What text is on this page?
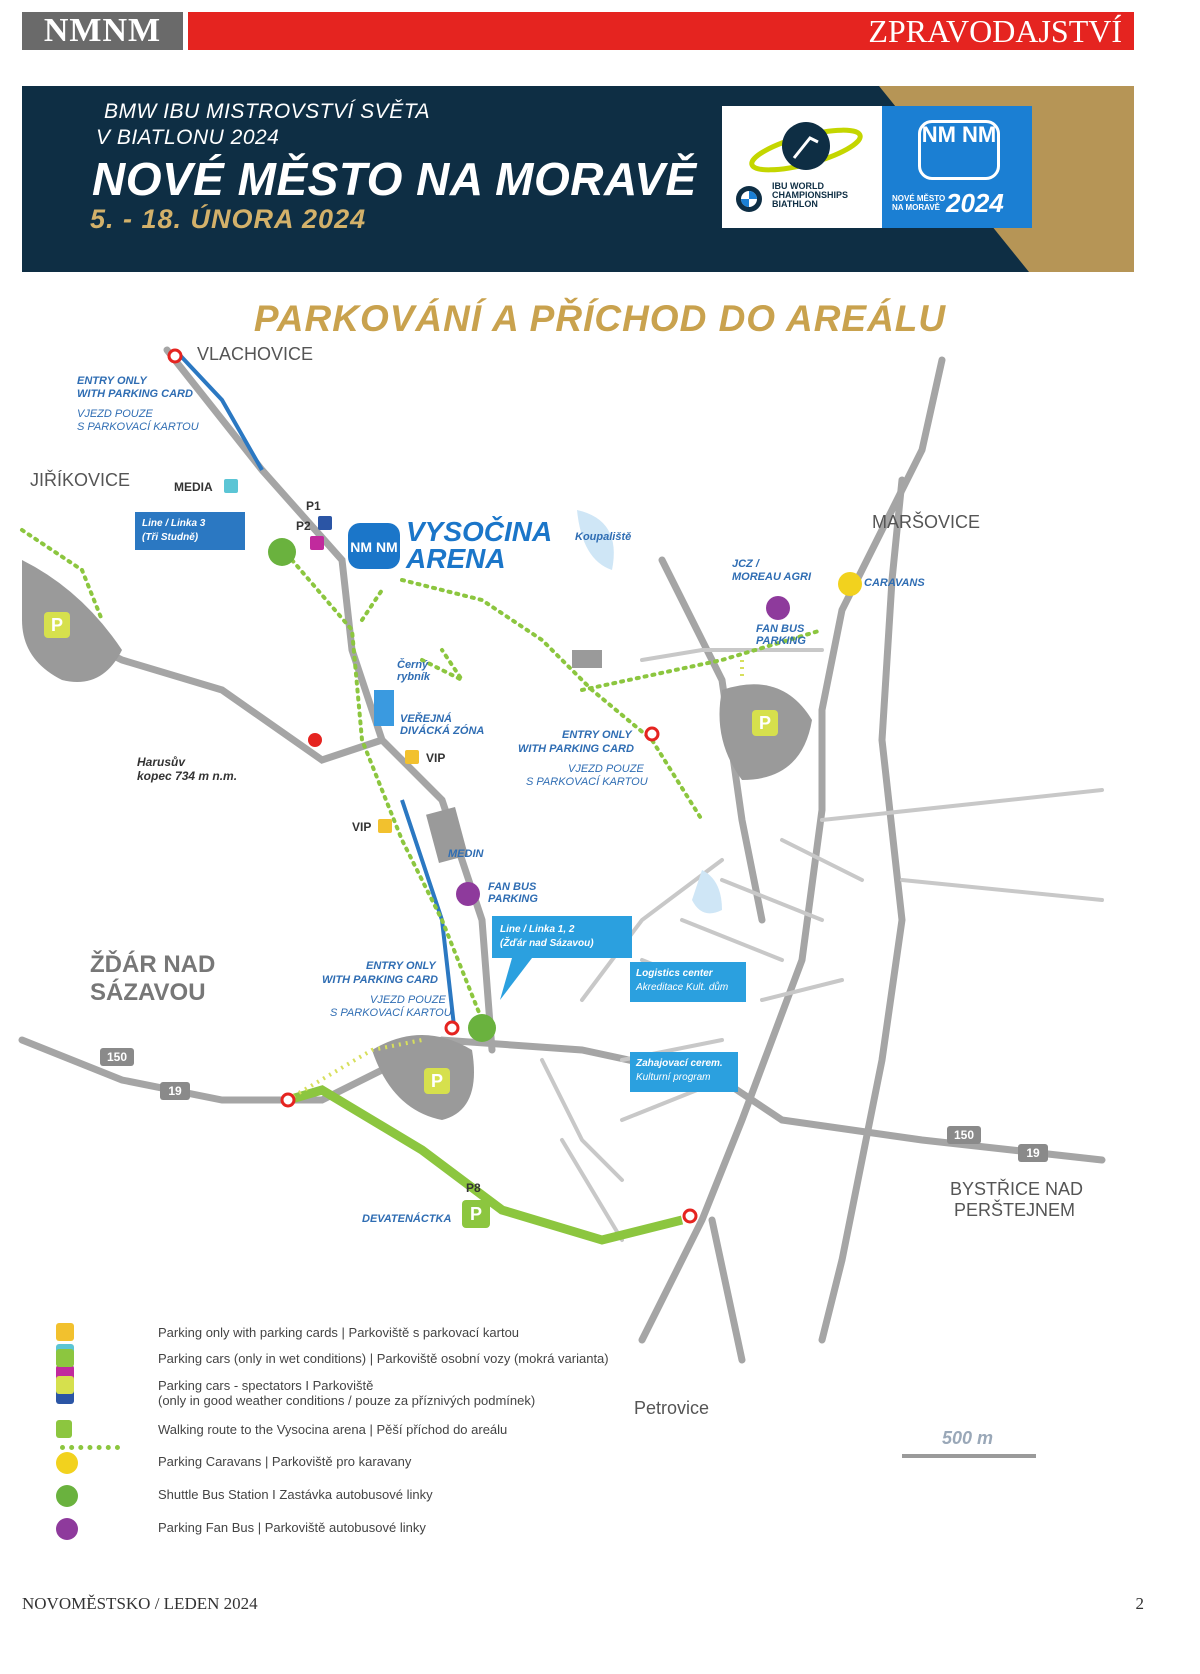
NMNM	ZPRAVODAJSTVÍ
BMW IBU MISTROVSTVÍ SVĚTA
V BIATLONU 2024
NOVÉ MĚSTO NA MORAVĚ
5. - 18. ÚNORA 2024
IBU WORLD CHAMPIONSHIPS BIATHLON
NM NM
NOVÉ MĚSTO NA MORAVĚ 2024
PARKOVÁNÍ A PŘÍCHOD DO AREÁLU
VLACHOVICE
JIŘÍKOVICE
MARŠOVICE
ŽĎÁR NAD
SÁZAVOU
BYSTŘICE NAD
PERŠTEJNEM
Petrovice
NM NM VYSOČINA
ARENA
ENTRY ONLY
WITH PARKING CARD
VJEZD POUZE
S PARKOVACÍ KARTOU
ENTRY ONLY
WITH PARKING CARD
VJEZD POUZE
S PARKOVACÍ KARTOU
ENTRY ONLY
WITH PARKING CARD
VJEZD POUZE
S PARKOVACÍ KARTOU
MEDIA
P1
P2
VIP
VIP
Koupaliště
Černý
rybník
VEŘEJNÁ
DIVÁCKÁ ZÓNA
JCZ /
MOREAU AGRI
FAN BUS
PARKING
FAN BUS
PARKING
CARAVANS
Harusův
kopec 734 m n.m.
MEDIN
DEVATENÁCTKA
P8
Line / Linka 3
(Tři Studně)
Line / Linka 1, 2
(Žďár nad Sázavou)
Logistics center
Akreditace Kult. dům
Zahajovací cerem.
Kulturní program
P
P
P
P
150
19
150
19
500 m
Parking only with parking cards | Parkoviště s parkovací kartou
Parking cars (only in wet conditions) | Parkoviště osobní vozy (mokrá varianta)
Parking cars - spectators I Parkoviště
(only in good weather conditions / pouze za příznivých podmínek)
Walking route to the Vysocina arena | Pěší příchod do areálu
Parking Caravans | Parkoviště pro karavany
Shuttle Bus Station I Zastávka autobusové linky
Parking Fan Bus | Parkoviště autobusové linky
NOVOMĚSTSKO / LEDEN 2024	2
